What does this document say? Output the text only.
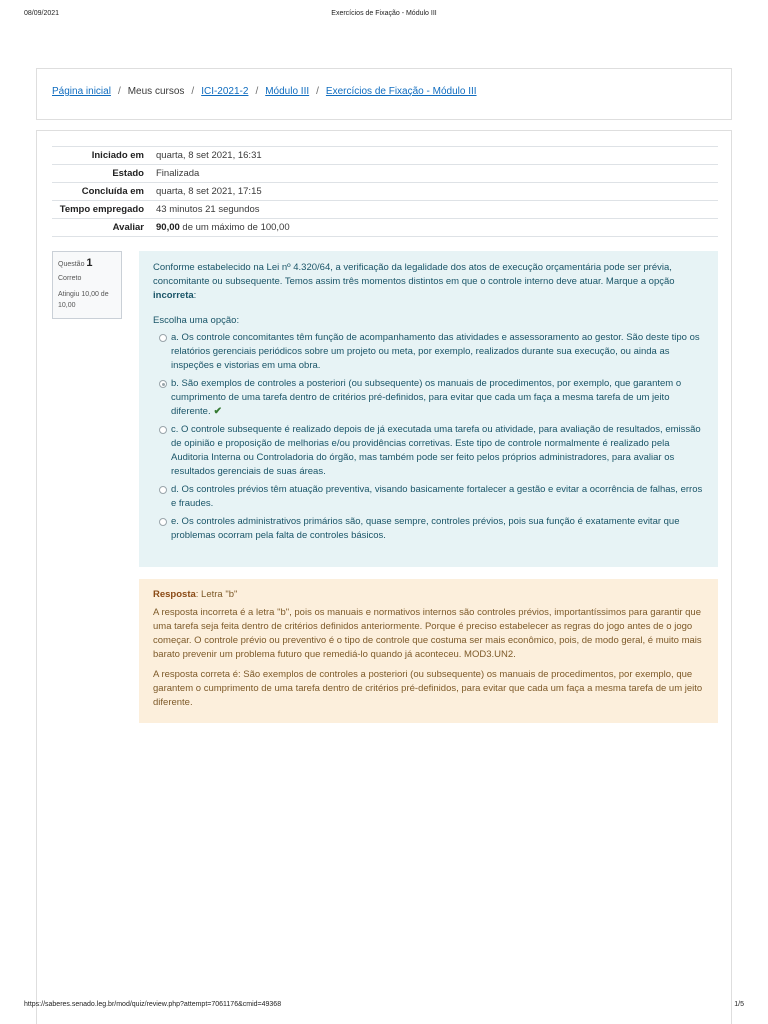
08/09/2021	Exercícios de Fixação - Módulo III
Página inicial / Meus cursos / ICI-2021-2 / Módulo III / Exercícios de Fixação - Módulo III
Iniciado em	quarta, 8 set 2021, 16:31
Estado	Finalizada
Concluída em	quarta, 8 set 2021, 17:15
Tempo empregado	43 minutos 21 segundos
Avaliar	90,00 de um máximo de 100,00
Questão 1
Correto
Atingiu 10,00 de 10,00
Conforme estabelecido na Lei nº 4.320/64, a verificação da legalidade dos atos de execução orçamentária pode ser prévia, concomitante ou subsequente. Temos assim três momentos distintos em que o controle interno deve atuar. Marque a opção incorreta:
Escolha uma opção:
a. Os controle concomitantes têm função de acompanhamento das atividades e assessoramento ao gestor. São deste tipo os relatórios gerenciais periódicos sobre um projeto ou meta, por exemplo, realizados durante sua execução, ou ainda as inspeções e vistorias em uma obra.
b. São exemplos de controles a posteriori (ou subsequente) os manuais de procedimentos, por exemplo, que garantem o cumprimento de uma tarefa dentro de critérios pré-definidos, para evitar que cada um faça a mesma tarefa de um jeito diferente. ✔
c. O controle subsequente é realizado depois de já executada uma tarefa ou atividade, para avaliação de resultados, emissão de opinião e proposição de melhorias e/ou providências corretivas. Este tipo de controle normalmente é realizado pela Auditoria Interna ou Controladoria do órgão, mas também pode ser feito pelos próprios administradores, para avaliar os resultados gerenciais de suas áreas.
d. Os controles prévios têm atuação preventiva, visando basicamente fortalecer a gestão e evitar a ocorrência de falhas, erros e fraudes.
e. Os controles administrativos primários são, quase sempre, controles prévios, pois sua função é exatamente evitar que problemas ocorram pela falta de controles básicos.
Resposta: Letra "b"
A resposta incorreta é a letra "b", pois os manuais e normativos internos são controles prévios, importantíssimos para garantir que uma tarefa seja feita dentro de critérios definidos anteriormente. Porque é preciso estabelecer as regras do jogo antes de o jogo começar. O controle prévio ou preventivo é o tipo de controle que costuma ser mais econômico, pois, de modo geral, é muito mais barato prevenir um problema futuro que remediá-lo quando já aconteceu. MOD3.UN2.
A resposta correta é: São exemplos de controles a posteriori (ou subsequente) os manuais de procedimentos, por exemplo, que garantem o cumprimento de uma tarefa dentro de critérios pré-definidos, para evitar que cada um faça a mesma tarefa de um jeito diferente.
https://saberes.senado.leg.br/mod/quiz/review.php?attempt=7061176&cmid=49368	1/5
